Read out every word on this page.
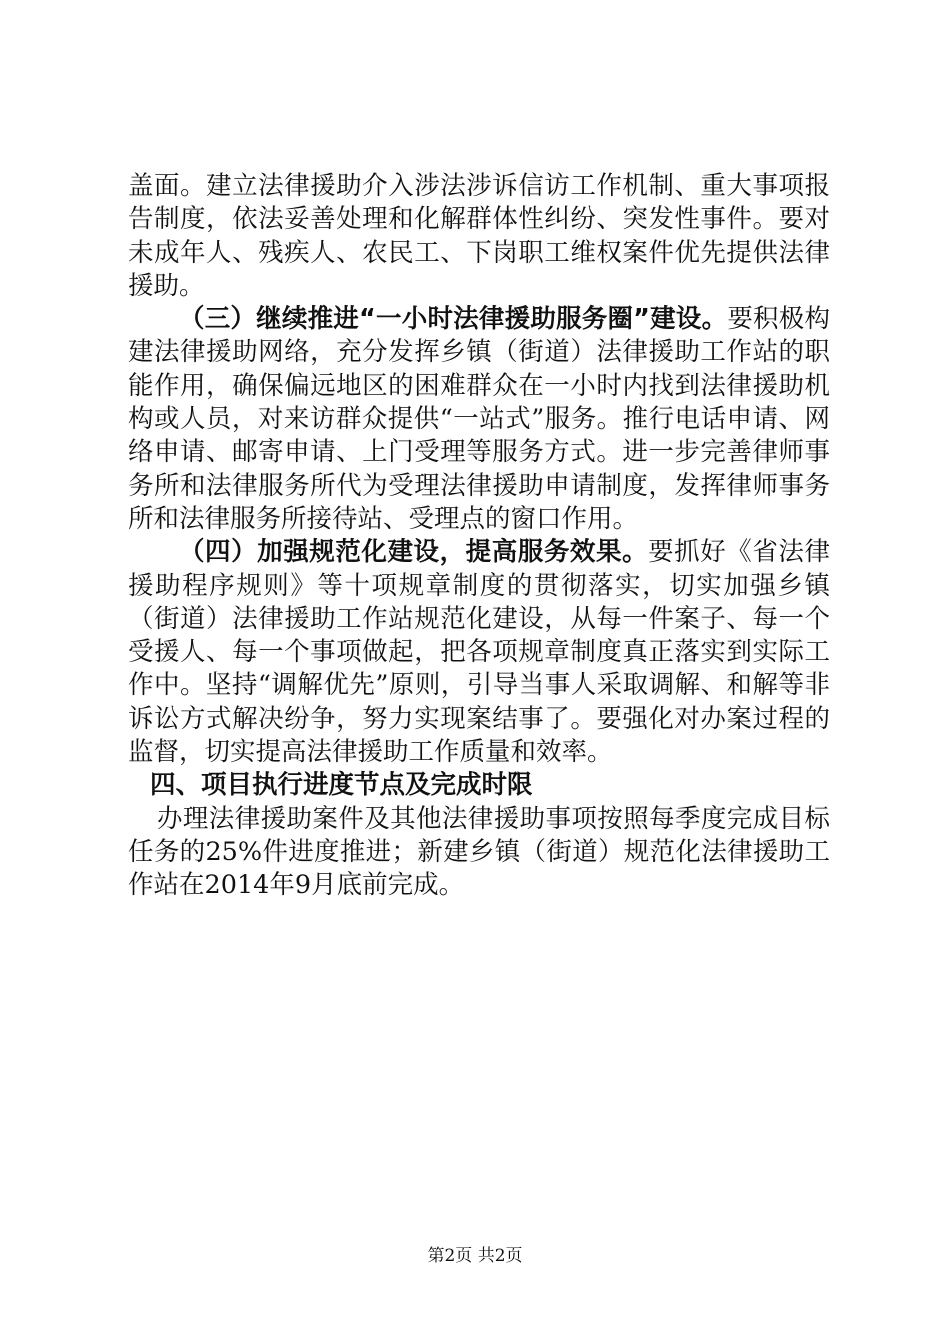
盖面。建立法律援助介入涉法涉诉信访工作机制、重大事项报告制度，依法妥善处理和化解群体性纠纷、突发性事件。要对未成年人、残疾人、农民工、下岗职工维权案件优先提供法律援助。

（三）继续推进“一小时法律援助服务圈”建设。要积极构建法律援助网络，充分发挥乡镇（街道）法律援助工作站的职能作用，确保偏远地区的困难群众在一小时内找到法律援助机构或人员，对来访群众提供“一站式”服务。推行电话申请、网络申请、邮寄申请、上门受理等服务方式。进一步完善律师事务所和法律服务所代为受理法律援助申请制度，发挥律师事务所和法律服务所接待站、受理点的窗口作用。

（四）加强规范化建设，提高服务效果。要抓好《省法律援助程序规则》等十项规章制度的贯彻落实，切实加强乡镇（街道）法律援助工作站规范化建设，从每一件案子、每一个受援人、每一个事项做起，把各项规章制度真正落实到实际工作中。坚持“调解优先”原则，引导当事人采取调解、和解等非诉讼方式解决纷争，努力实现案结事了。要强化对办案过程的监督，切实提高法律援助工作质量和效率。

四、项目执行进度节点及完成时限

办理法律援助案件及其他法律援助事项按照每季度完成目标任务的25%件进度推进；新建乡镇（街道）规范化法律援助工作站在2014年9月底前完成。

第2页 共2页
